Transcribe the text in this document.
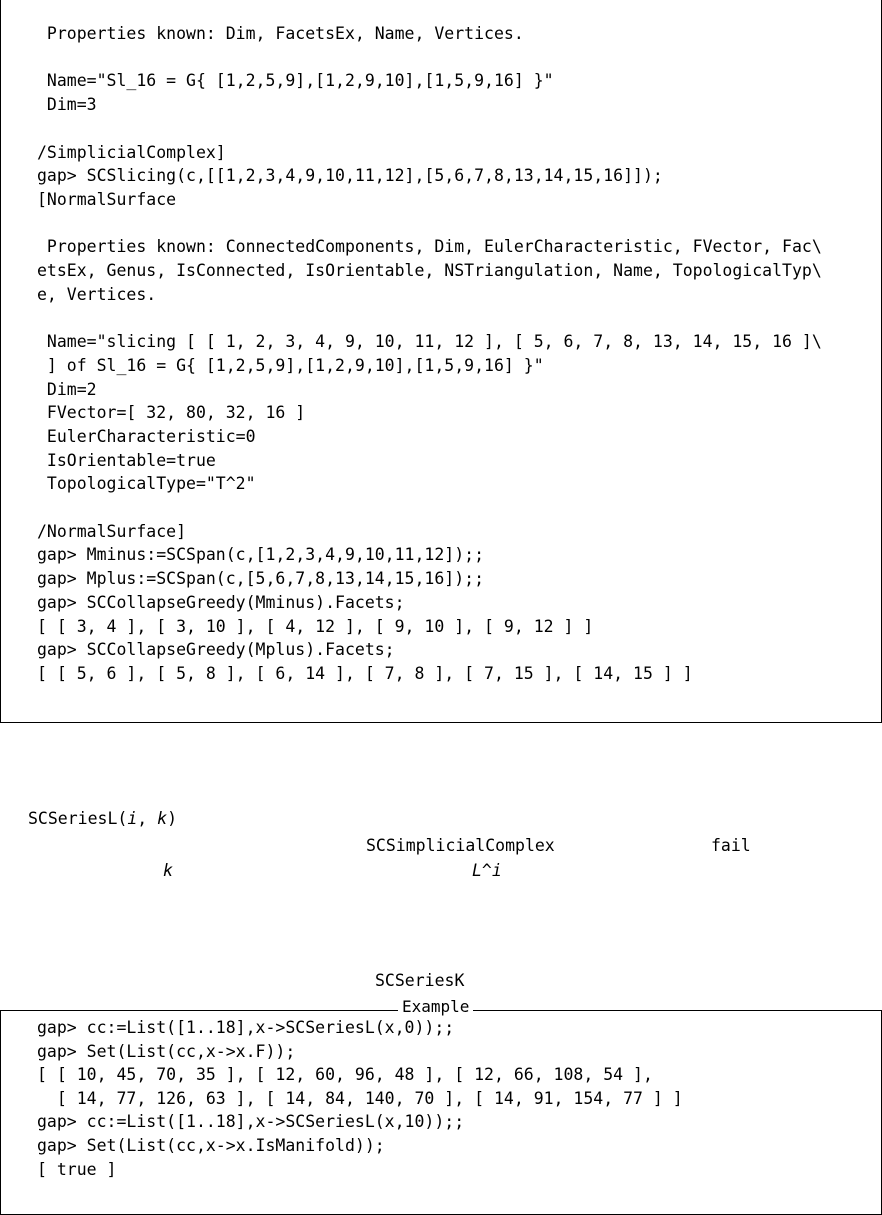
Properties known: Dim, FacetsEx, Name, Vertices.
Name="Sl_16 = G{ [1,2,5,9],[1,2,9,10],[1,5,9,16] }"
Dim=3
/SimplicialComplex]
gap> SCSlicing(c,[[1,2,3,4,9,10,11,12],[5,6,7,8,13,14,15,16]]);
[NormalSurface
Properties known: ConnectedComponents, Dim, EulerCharacteristic, FVector, Fac\
etsEx, Genus, IsConnected, IsOrientable, NSTriangulation, Name, TopologicalTyp\
e, Vertices.
Name="slicing [ [ 1, 2, 3, 4, 9, 10, 11, 12 ], [ 5, 6, 7, 8, 13, 14, 15, 16 ]\
] of Sl_16 = G{ [1,2,5,9],[1,2,9,10],[1,5,9,16] }"
Dim=2
FVector=[ 32, 80, 32, 16 ]
EulerCharacteristic=0
IsOrientable=true
TopologicalType="T^2"
/NormalSurface]
gap> Mminus:=SCSpan(c,[1,2,3,4,9,10,11,12]);;
gap> Mplus:=SCSpan(c,[5,6,7,8,13,14,15,16]);;
gap> SCCollapseGreedy(Mminus).Facets;
[ [ 3, 4 ], [ 3, 10 ], [ 4, 12 ], [ 9, 10 ], [ 9, 12 ] ]
gap> SCCollapseGreedy(Mplus).Facets;
[ [ 5, 6 ], [ 5, 8 ], [ 6, 14 ], [ 7, 8 ], [ 7, 15 ], [ 14, 15 ] ]
SCSeriesL(i, k)
SCSimplicialComplex	fail
k	L^i
SCSeriesK
Example
gap> cc:=List([1..18],x->SCSeriesL(x,0));;
gap> Set(List(cc,x->x.F));
[ [ 10, 45, 70, 35 ], [ 12, 60, 96, 48 ], [ 12, 66, 108, 54 ],
[ 14, 77, 126, 63 ], [ 14, 84, 140, 70 ], [ 14, 91, 154, 77 ] ]
gap> cc:=List([1..18],x->SCSeriesL(x,10));;
gap> Set(List(cc,x->x.IsManifold));
[ true ]
